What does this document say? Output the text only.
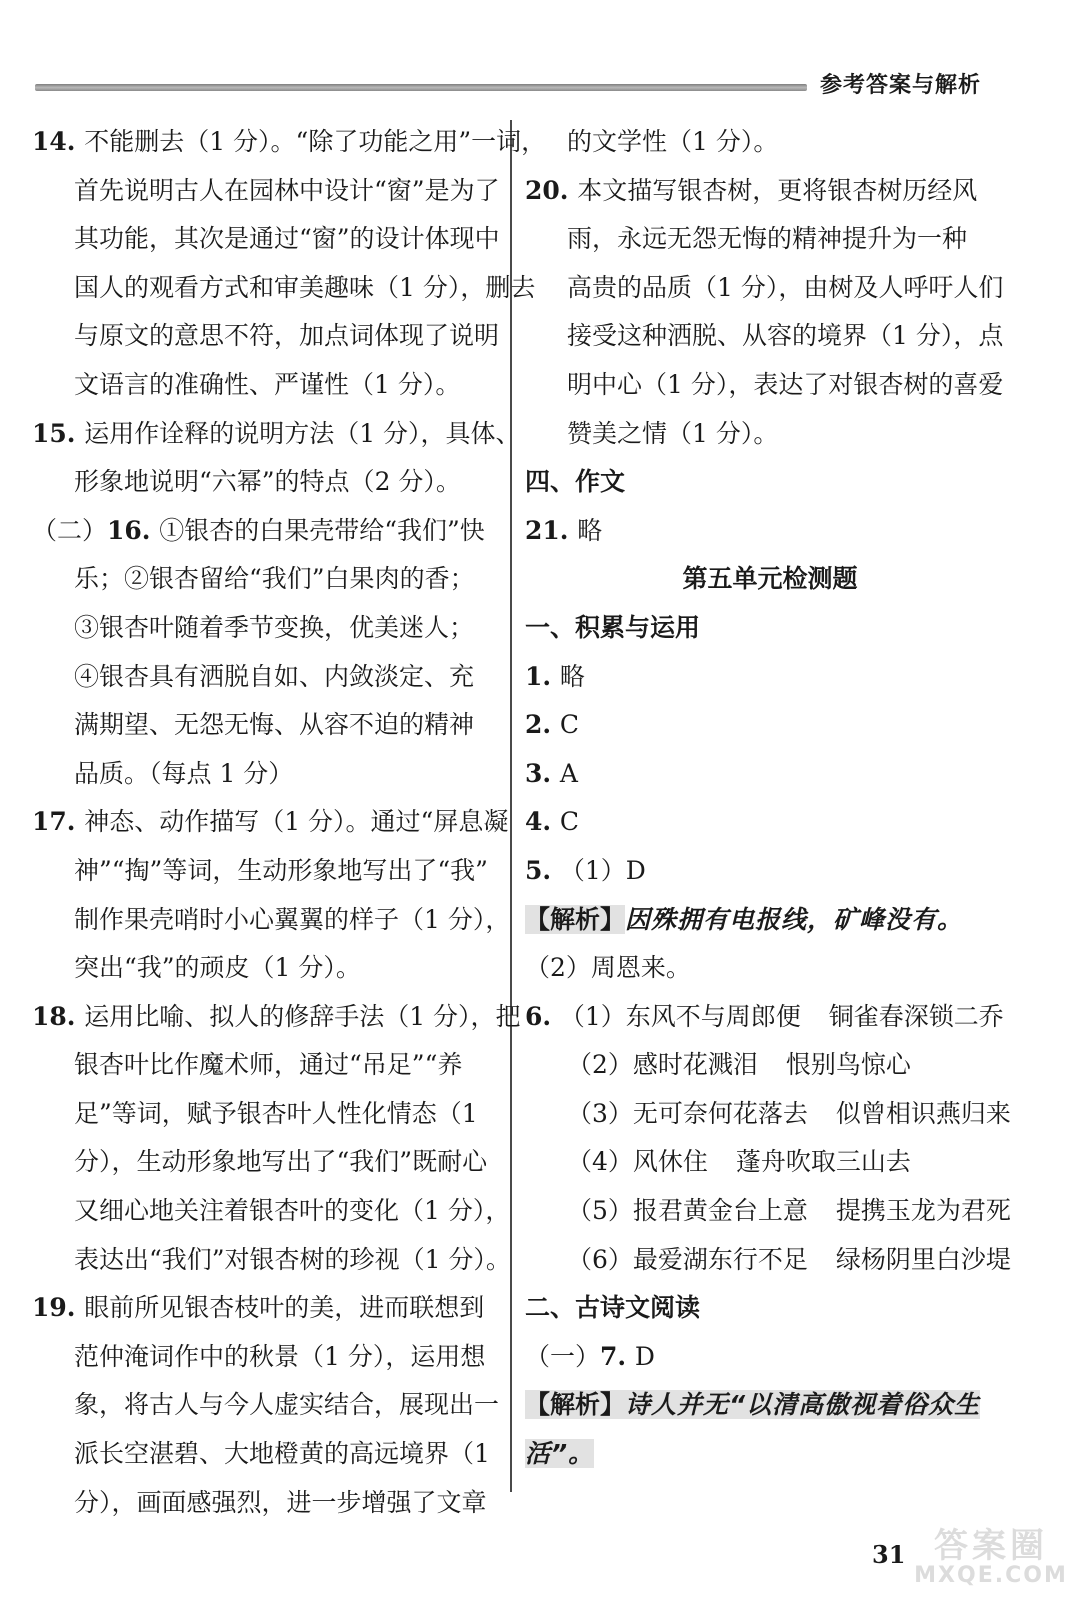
参考答案与解析
14. 不能删去（1 分）。“除了功能之用”一词，
首先说明古人在园林中设计“窗”是为了
其功能，其次是通过“窗”的设计体现中
国人的观看方式和审美趣味（1 分），删去
与原文的意思不符，加点词体现了说明
文语言的准确性、严谨性（1 分）。
15. 运用作诠释的说明方法（1 分），具体、
形象地说明“六幂”的特点（2 分）。
（二）16. ①银杏的白果壳带给“我们”快
乐；②银杏留给“我们”白果肉的香；
③银杏叶随着季节变换，优美迷人；
④银杏具有洒脱自如、内敛淡定、充
满期望、无怨无悔、从容不迫的精神
品质。（每点 1 分）
17. 神态、动作描写（1 分）。通过“屏息凝
神”“掏”等词，生动形象地写出了“我”
制作果壳哨时小心翼翼的样子（1 分），
突出“我”的顽皮（1 分）。
18. 运用比喻、拟人的修辞手法（1 分），把
银杏叶比作魔术师，通过“吊足”“养
足”等词，赋予银杏叶人性化情态（1
分），生动形象地写出了“我们”既耐心
又细心地关注着银杏叶的变化（1 分），
表达出“我们”对银杏树的珍视（1 分）。
19. 眼前所见银杏枝叶的美，进而联想到
范仲淹词作中的秋景（1 分），运用想
象，将古人与今人虚实结合，展现出一
派长空湛碧、大地橙黄的高远境界（1
分），画面感强烈，进一步增强了文章
的文学性（1 分）。
20. 本文描写银杏树，更将银杏树历经风
雨，永远无怨无悔的精神提升为一种
高贵的品质（1 分），由树及人呼吁人们
接受这种洒脱、从容的境界（1 分），点
明中心（1 分），表达了对银杏树的喜爱
赞美之情（1 分）。
四、作文
21. 略
第五单元检测题
一、积累与运用
1. 略
2. C
3. A
4. C
5. （1）D
【解析】因殊拥有电报线，矿峰没有。
（2）周恩来。
6. （1）东风不与周郎便 铜雀春深锁二乔
（2）感时花溅泪 恨别鸟惊心
（3）无可奈何花落去 似曾相识燕归来
（4）风休住 蓬舟吹取三山去
（5）报君黄金台上意 提携玉龙为君死
（6）最爱湖东行不足 绿杨阴里白沙堤
二、古诗文阅读
（一）7. D
【解析】诗人并无“以清高傲视着俗众生
活”。
31 答案圈
MXQE.COM
